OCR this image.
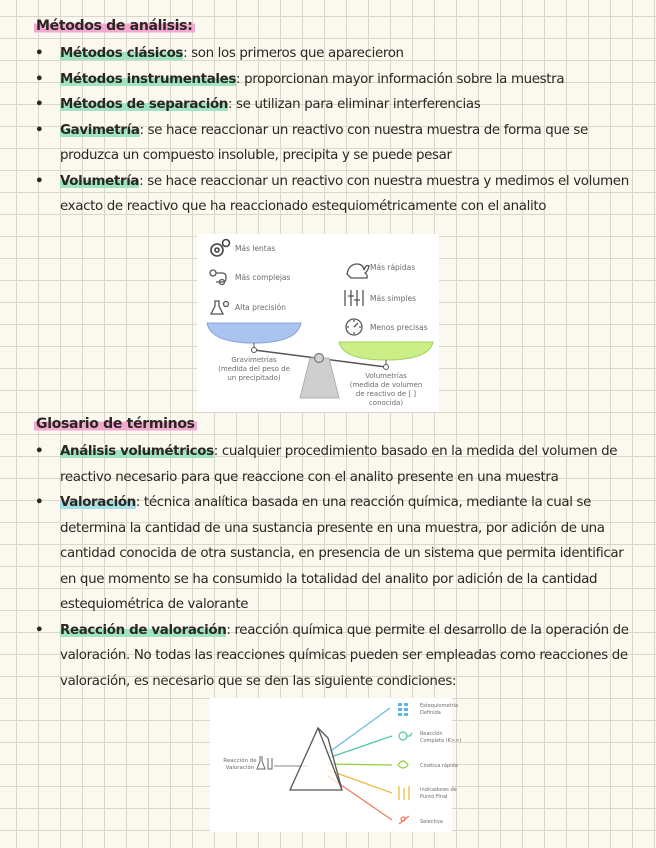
Métodos de análisis:
• Métodos clásicos: son los primeros que aparecieron
• Métodos instrumentales: proporcionan mayor información sobre la muestra
• Métodos de separación: se utilizan para eliminar interferencias
• Gavimetría: se hace reaccionar un reactivo con nuestra muestra de forma que se produzca un compuesto insoluble, precipita y se puede pesar
• Volumetría: se hace reaccionar un reactivo con nuestra muestra y medimos el volumen exacto de reactivo que ha reaccionado estequiométricamente con el analito
Más lentas
Más complejas
Alta precisión
Más rápidas
Más simples
Menos precisas
Gravimetrías
(medida del peso de
un precipitado)	Volumetrías
(medida de volumen
de reactivo de [ ]
conocida)
Glosario de términos
• Análisis volumétricos: cualquier procedimiento basado en la medida del volumen de reactivo necesario para que reaccione con el analito presente en una muestra
• Valoración: técnica analítica basada en una reacción química, mediante la cual se determina la cantidad de una sustancia presente en una muestra, por adición de una cantidad conocida de otra sustancia, en presencia de un sistema que permita identificar en que momento se ha consumido la totalidad del analito por adición de la cantidad estequiométrica de valorante
• Reacción de valoración: reacción química que permite el desarrollo de la operación de valoración. No todas las reacciones químicas pueden ser empleadas como reacciones de valoración, es necesario que se den las siguiente condiciones:
Reacción de
Valoración
Estequiometría
Definida
Reacción
Completa (K>>)
Cinética rápida
Indicadores de
Punto Final
Selectiva
